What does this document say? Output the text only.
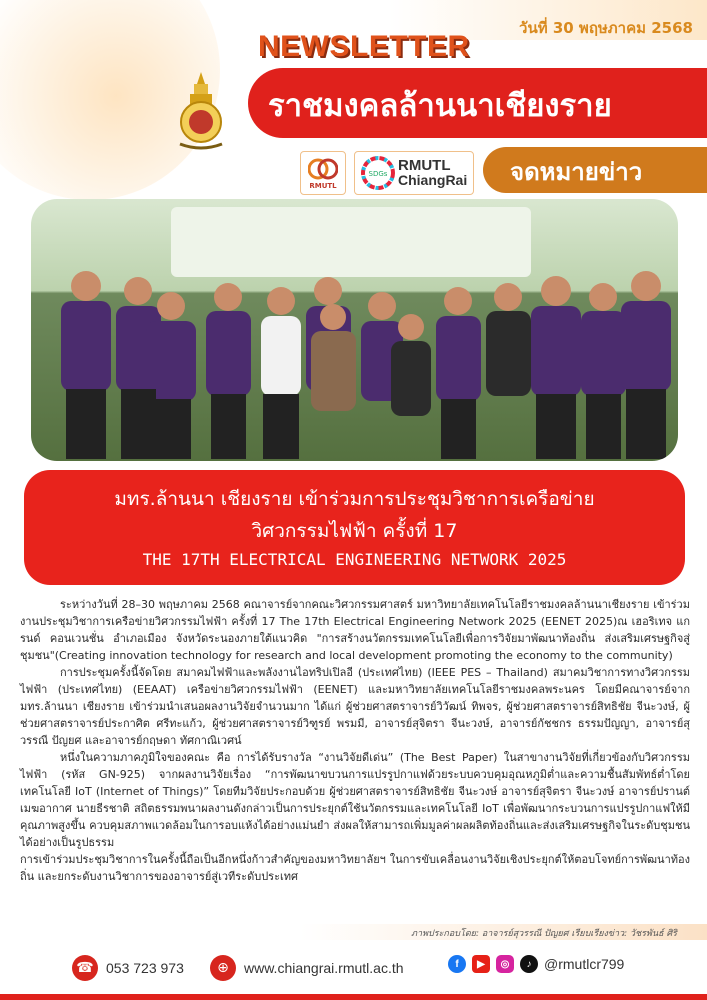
วันที่ 30 พฤษภาคม 2568
NEWSLETTER
ราชมงคลล้านนาเชียงราย
RMUTL
SDGs RMUTL
ChiangRai จดหมายข่าว
มทร.ล้านนา เชียงราย เข้าร่วมการประชุมวิชาการเครือข่าย
วิศวกรรมไฟฟ้า ครั้งที่ 17
THE 17TH ELECTRICAL ENGINEERING NETWORK 2025

ระหว่างวันที่ 28–30 พฤษภาคม 2568 คณาจารย์จากคณะวิศวกรรมศาสตร์ มหาวิทยาลัยเทคโนโลยีราชมงคลล้านนาเชียงราย เข้าร่วมงานประชุมวิชาการเครือข่ายวิศวกรรมไฟฟ้า ครั้งที่ 17 The 17th Electrical Engineering Network 2025 (EENET 2025)ณ เฮอริเทจ แกรนด์ คอนเวนชั่น อำเภอเมือง จังหวัดระนองภายใต้แนวคิด "การสร้างนวัตกรรมเทคโนโลยีเพื่อการวิจัยมาพัฒนาท้องถิ่น ส่งเสริมเศรษฐกิจสู่ชุมชน"(Creating innovation technology for research and local development promoting the economy to the community)

การประชุมครั้งนี้จัดโดย สมาคมไฟฟ้าและพลังงานไอทริปเปิลอี (ประเทศไทย) (IEEE PES – Thailand) สมาคมวิชาการทางวิศวกรรมไฟฟ้า (ประเทศไทย) (EEAAT) เครือข่ายวิศวกรรมไฟฟ้า (EENET) และมหาวิทยาลัยเทคโนโลยีราชมงคลพระนคร โดยมีคณาจารย์จาก มทร.ล้านนา เชียงราย เข้าร่วมนำเสนอผลงานวิจัยจำนวนมาก ได้แก่ ผู้ช่วยศาสตราจารย์วิวัฒน์ ทิพจร, ผู้ช่วยศาสตราจารย์สิทธิชัย จีนะวงษ์, ผู้ช่วยศาสตราจารย์ประกาศิต ศรีทะแก้ว, ผู้ช่วยศาสตราจารย์วิฑูรย์ พรมมี, อาจารย์สุจิตรา จีนะวงษ์, อาจารย์กัชชกร ธรรมปัญญา, อาจารย์สุวรรณี ปัญยศ และอาจารย์กฤษดา ทัศกาณิเวศน์

หนึ่งในความภาคภูมิใจของคณะ คือ การได้รับรางวัล “งานวิจัยดีเด่น” (The Best Paper) ในสาขางานวิจัยที่เกี่ยวข้องกับวิศวกรรมไฟฟ้า (รหัส GN-925) จากผลงานวิจัยเรื่อง “การพัฒนาขบวนการแปรรูปกาแฟด้วยระบบควบคุมอุณหภูมิต่ำและความชื้นสัมพัทธ์ต่ำโดยเทคโนโลยี IoT (Internet of Things)” โดยทีมวิจัยประกอบด้วย ผู้ช่วยศาสตราจารย์สิทธิชัย จีนะวงษ์ อาจารย์สุจิตรา จีนะวงษ์ อาจารย์ปรานต์ เมฆอากาศ นายธีรชาติ สถิตธรรมพนาผลงานดังกล่าวเป็นการประยุกต์ใช้นวัตกรรมและเทคโนโลยี IoT เพื่อพัฒนากระบวนการแปรรูปกาแฟให้มีคุณภาพสูงขึ้น ควบคุมสภาพแวดล้อมในการอบแห้งได้อย่างแม่นยำ ส่งผลให้สามารถเพิ่มมูลค่าผลผลิตท้องถิ่นและส่งเสริมเศรษฐกิจในระดับชุมชนได้อย่างเป็นรูปธรรม

การเข้าร่วมประชุมวิชาการในครั้งนี้ถือเป็นอีกหนึ่งก้าวสำคัญของมหาวิทยาลัยฯ ในการขับเคลื่อนงานวิจัยเชิงประยุกต์ให้ตอบโจทย์การพัฒนาท้องถิ่น และยกระดับงานวิชาการของอาจารย์สู่เวทีระดับประเทศ

ภาพประกอบโดย: อาจารย์สุวรรณี ปัญยศ เรียบเรียงข่าว: วัชรพันธ์ ศิริ
☎ 053 723 973	⊕	www.chiangrai.rmutl.ac.th	f	▶	◎	♪ @rmutlcr799
